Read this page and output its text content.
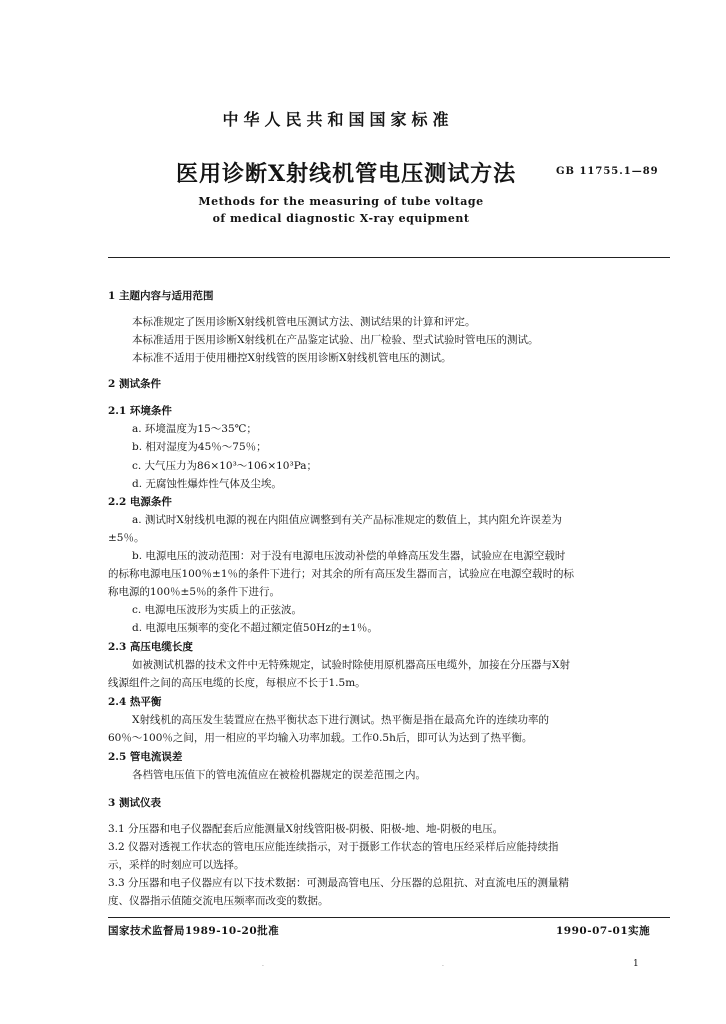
中华人民共和国国家标准
医用诊断X射线机管电压测试方法	GB 11755.1—89
Methods for the measuring of tube voltage
of medical diagnostic X-ray equipment
1 主题内容与适用范围
本标准规定了医用诊断X射线机管电压测试方法、测试结果的计算和评定。
本标准适用于医用诊断X射线机在产品鉴定试验、出厂检验、型式试验时管电压的测试。
本标准不适用于使用栅控X射线管的医用诊断X射线机管电压的测试。
2 测试条件
2.1 环境条件
a. 环境温度为15～35℃；
b. 相对湿度为45％～75％；
c. 大气压力为86×10³～106×10³Pa；
d. 无腐蚀性爆炸性气体及尘埃。
2.2 电源条件
a. 测试时X射线机电源的视在内阻值应调整到有关产品标准规定的数值上，其内阻允许误差为
±5％。
b. 电源电压的波动范围：对于没有电源电压波动补偿的单蜂高压发生器，试验应在电源空载时
的标称电源电压100％±1％的条件下进行；对其余的所有高压发生器而言，试验应在电源空载时的标
称电源的100％±5％的条件下进行。
c. 电源电压波形为实质上的正弦波。
d. 电源电压频率的变化不超过额定值50Hz的±1％。
2.3 高压电缆长度
如被测试机器的技术文件中无特殊规定，试验时除使用原机器高压电缆外，加接在分压器与X射
线源组件之间的高压电缆的长度，每根应不长于1.5m。
2.4 热平衡
X射线机的高压发生装置应在热平衡状态下进行测试。热平衡是指在最高允许的连续功率的
60％～100％之间，用一相应的平均输入功率加载。工作0.5h后，即可认为达到了热平衡。
2.5 管电流误差
各档管电压值下的管电流值应在被检机器规定的误差范围之内。
3 测试仪表
3.1 分压器和电子仪器配套后应能测量X射线管阳极-阴极、阳极-地、地-阴极的电压。
3.2 仪器对透视工作状态的管电压应能连续指示，对于摄影工作状态的管电压经采样后应能持续指
示，采样的时刻应可以选择。
3.3 分压器和电子仪器应有以下技术数据：可测最高管电压、分压器的总阻抗、对直流电压的测量精
度、仪器指示值随交流电压频率而改变的数据。
国家技术监督局1989-10-20批准	1990-07-01实施
·	·	1
